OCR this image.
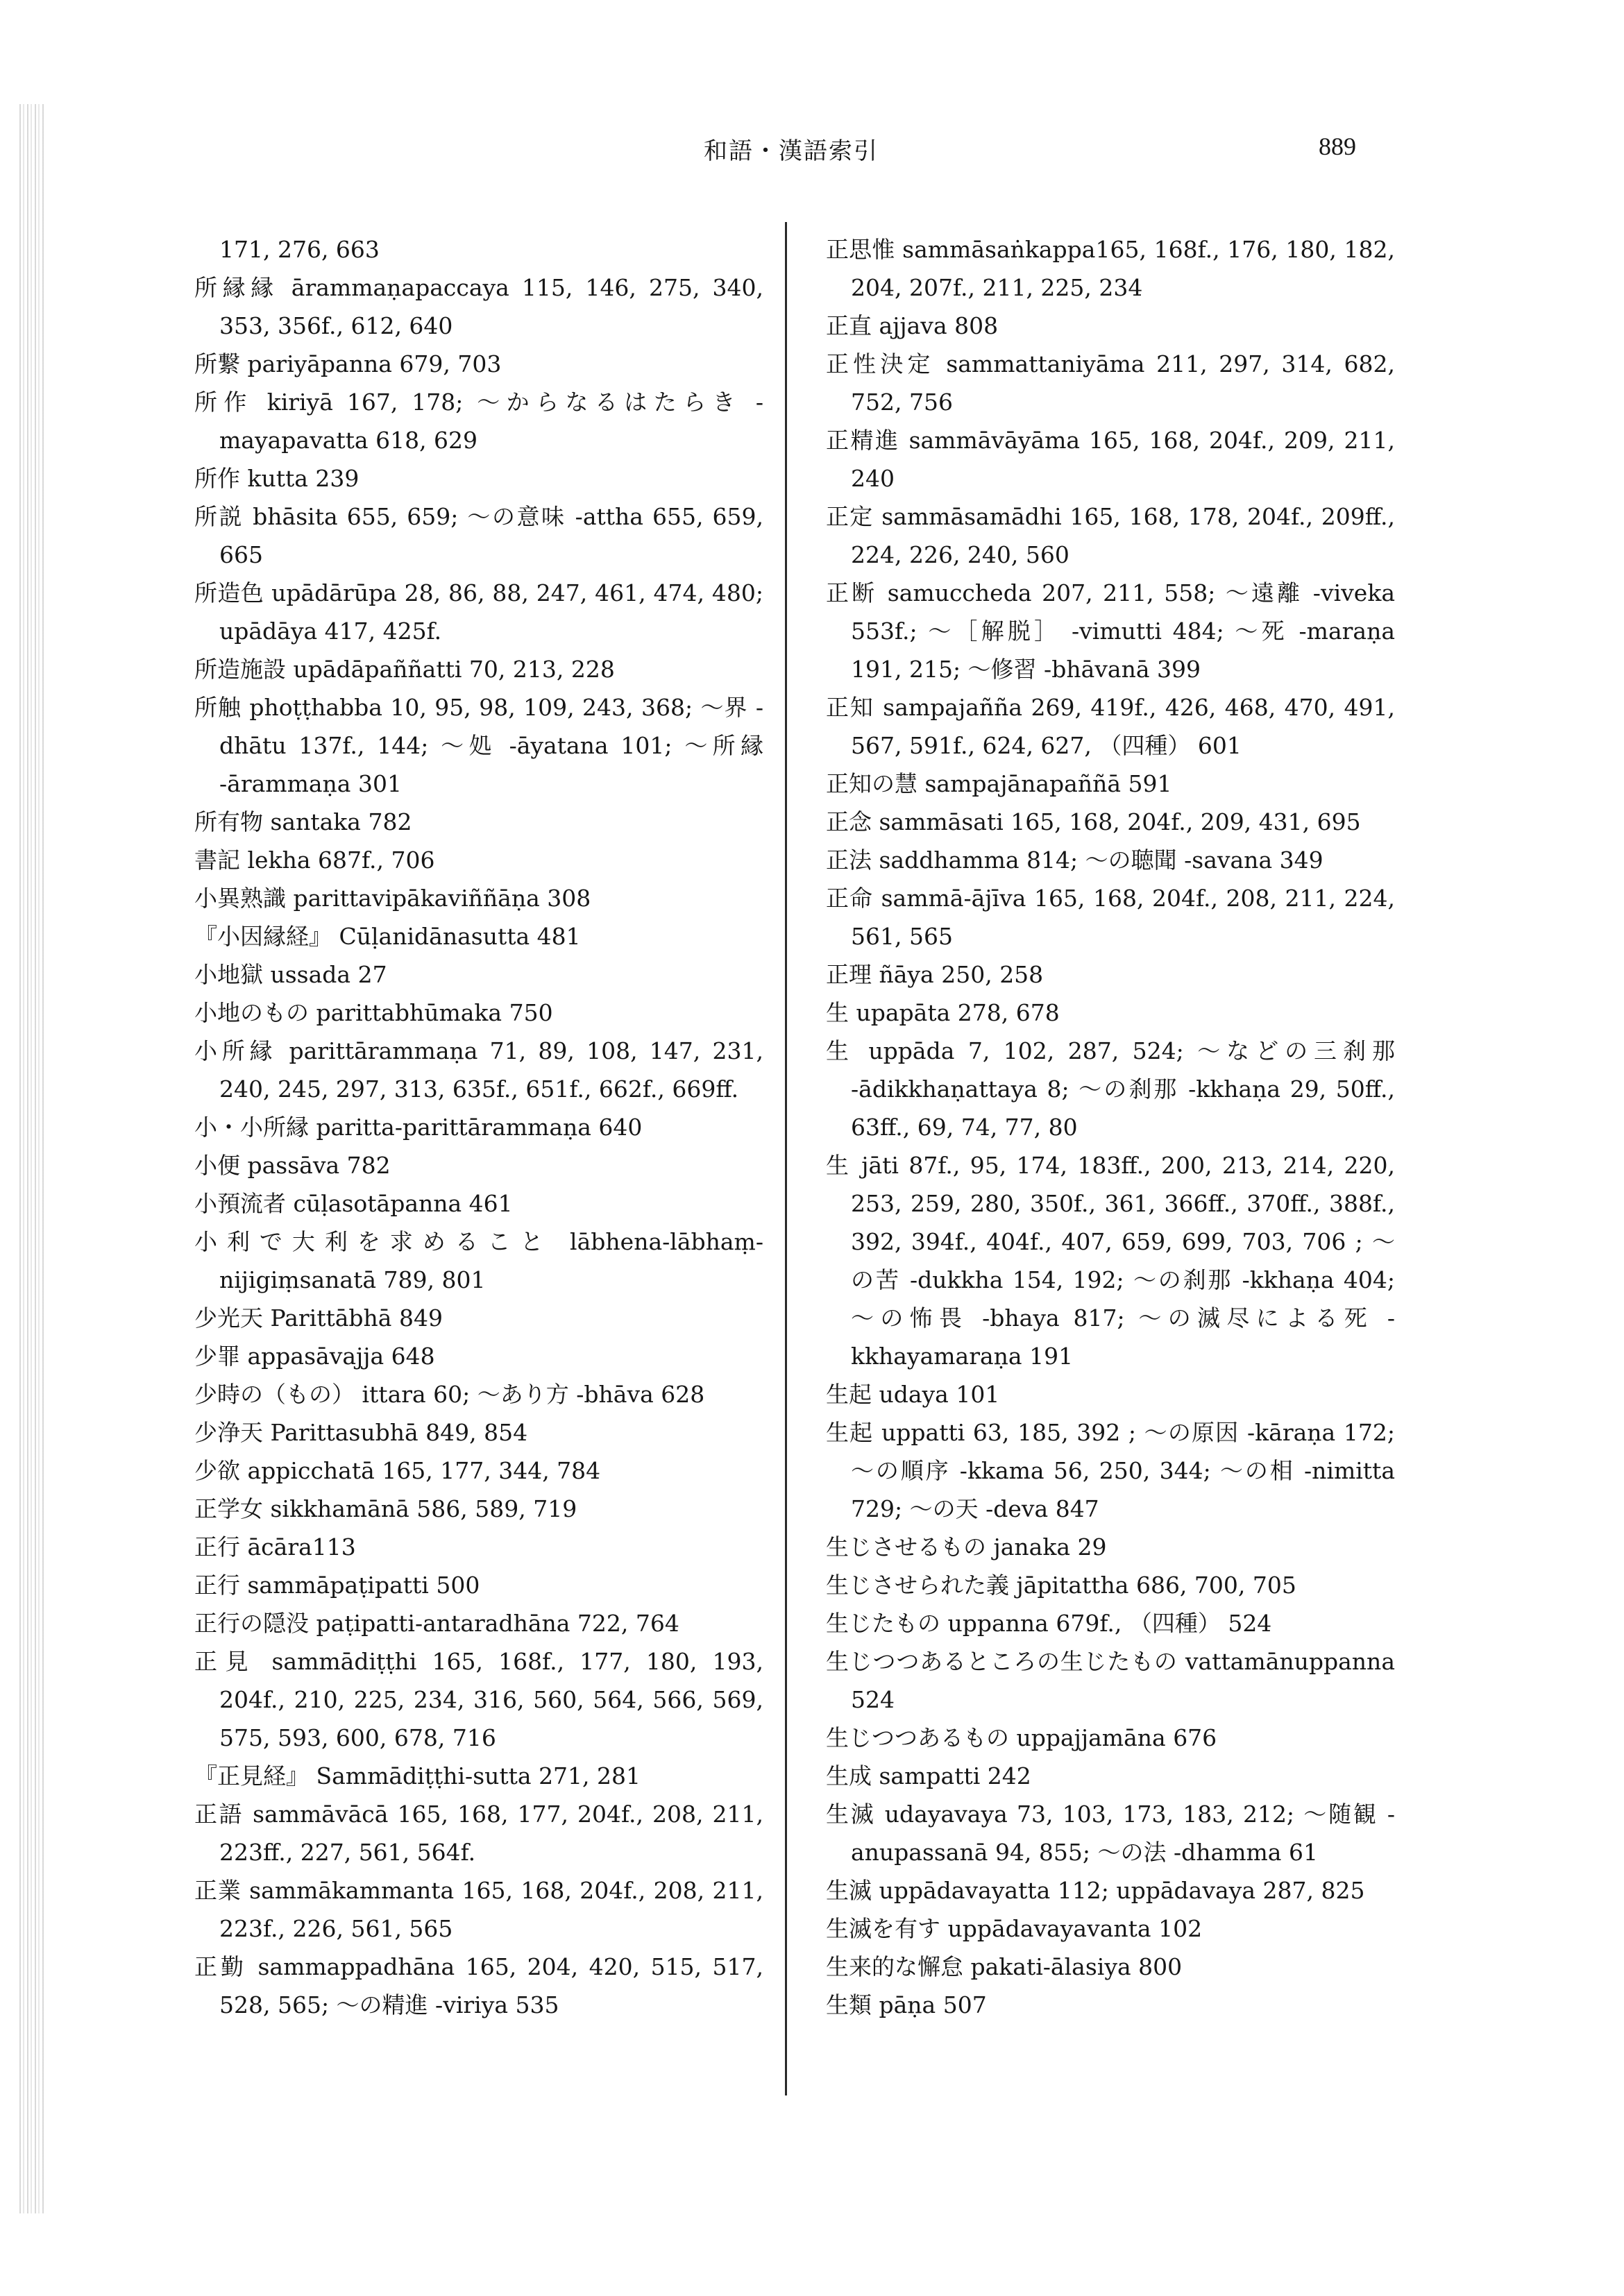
和語・漢語索引	889
171, 276, 663
所縁縁 ārammaṇapaccaya 115, 146, 275, 340, 353, 356f., 612, 640
所繋 pariyāpanna 679, 703
所作 kiriyā 167, 178; ～からなるはたらき -mayapavatta 618, 629
所作 kutta 239
所説 bhāsita 655, 659; ～の意味 -attha 655, 659, 665
所造色 upādārūpa 28, 86, 88, 247, 461, 474, 480; upādāya 417, 425f.
所造施設 upādāpaññatti 70, 213, 228
所触 phoṭṭhabba 10, 95, 98, 109, 243, 368; ～界 -dhātu 137f., 144; ～処 -āyatana 101; ～所縁 -ārammaṇa 301
所有物 santaka 782
書記 lekha 687f., 706
小異熟識 parittavipākaviññāṇa 308
『小因縁経』 Cūḷanidānasutta 481
小地獄 ussada 27
小地のもの parittabhūmaka 750
小所縁 parittārammaṇa 71, 89, 108, 147, 231, 240, 245, 297, 313, 635f., 651f., 662f., 669ff.
小・小所縁 paritta-parittārammaṇa 640
小便 passāva 782
小預流者 cūḷasotāpanna 461
小利で大利を求めること lābhena-lābhaṃ-nijigiṃsanatā 789, 801
少光天 Parittābhā 849
少罪 appasāvajja 648
少時の（もの） ittara 60; ～あり方 -bhāva 628
少浄天 Parittasubhā 849, 854
少欲 appicchatā 165, 177, 344, 784
正学女 sikkhamānā 586, 589, 719
正行 ācāra113
正行 sammāpaṭipatti 500
正行の隠没 paṭipatti-antaradhāna 722, 764
正見 sammādiṭṭhi 165, 168f., 177, 180, 193, 204f., 210, 225, 234, 316, 560, 564, 566, 569, 575, 593, 600, 678, 716
『正見経』 Sammādiṭṭhi-sutta 271, 281
正語 sammāvācā 165, 168, 177, 204f., 208, 211, 223ff., 227, 561, 564f.
正業 sammākammanta 165, 168, 204f., 208, 211, 223f., 226, 561, 565
正勤 sammappadhāna 165, 204, 420, 515, 517, 528, 565; ～の精進 -viriya 535
正思惟 sammāsaṅkappa165, 168f., 176, 180, 182, 204, 207f., 211, 225, 234
正直 ajjava 808
正性決定 sammattaniyāma 211, 297, 314, 682, 752, 756
正精進 sammāvāyāma 165, 168, 204f., 209, 211, 240
正定 sammāsamādhi 165, 168, 178, 204f., 209ff., 224, 226, 240, 560
正断 samuccheda 207, 211, 558; ～遠離 -viveka 553f.; ～［解脱］ -vimutti 484; ～死 -maraṇa 191, 215; ～修習 -bhāvanā 399
正知 sampajañña 269, 419f., 426, 468, 470, 491, 567, 591f., 624, 627, （四種） 601
正知の慧 sampajānapaññā 591
正念 sammāsati 165, 168, 204f., 209, 431, 695
正法 saddhamma 814; ～の聴聞 -savana 349
正命 sammā-ājīva 165, 168, 204f., 208, 211, 224, 561, 565
正理 ñāya 250, 258
生 upapāta 278, 678
生 uppāda 7, 102, 287, 524; ～などの三刹那 -ādikkhaṇattaya 8; ～の刹那 -kkhaṇa 29, 50ff., 63ff., 69, 74, 77, 80
生 jāti 87f., 95, 174, 183ff., 200, 213, 214, 220, 253, 259, 280, 350f., 361, 366ff., 370ff., 388f., 392, 394f., 404f., 407, 659, 699, 703, 706 ; ～の苦 -dukkha 154, 192; ～の刹那 -kkhaṇa 404; ～の怖畏 -bhaya 817; ～の滅尽による死 -kkhayamaraṇa 191
生起 udaya 101
生起 uppatti 63, 185, 392 ; ～の原因 -kāraṇa 172; ～の順序 -kkama 56, 250, 344; ～の相 -nimitta 729; ～の天 -deva 847
生じさせるもの janaka 29
生じさせられた義 jāpitattha 686, 700, 705
生じたもの uppanna 679f., （四種） 524
生じつつあるところの生じたもの vattamānuppanna 524
生じつつあるもの uppajjamāna 676
生成 sampatti 242
生滅 udayavaya 73, 103, 173, 183, 212; ～随観 -anupassanā 94, 855; ～の法 -dhamma 61
生滅 uppādavayatta 112; uppādavaya 287, 825
生滅を有す uppādavayavanta 102
生来的な懈怠 pakati-ālasiya 800
生類 pāṇa 507
